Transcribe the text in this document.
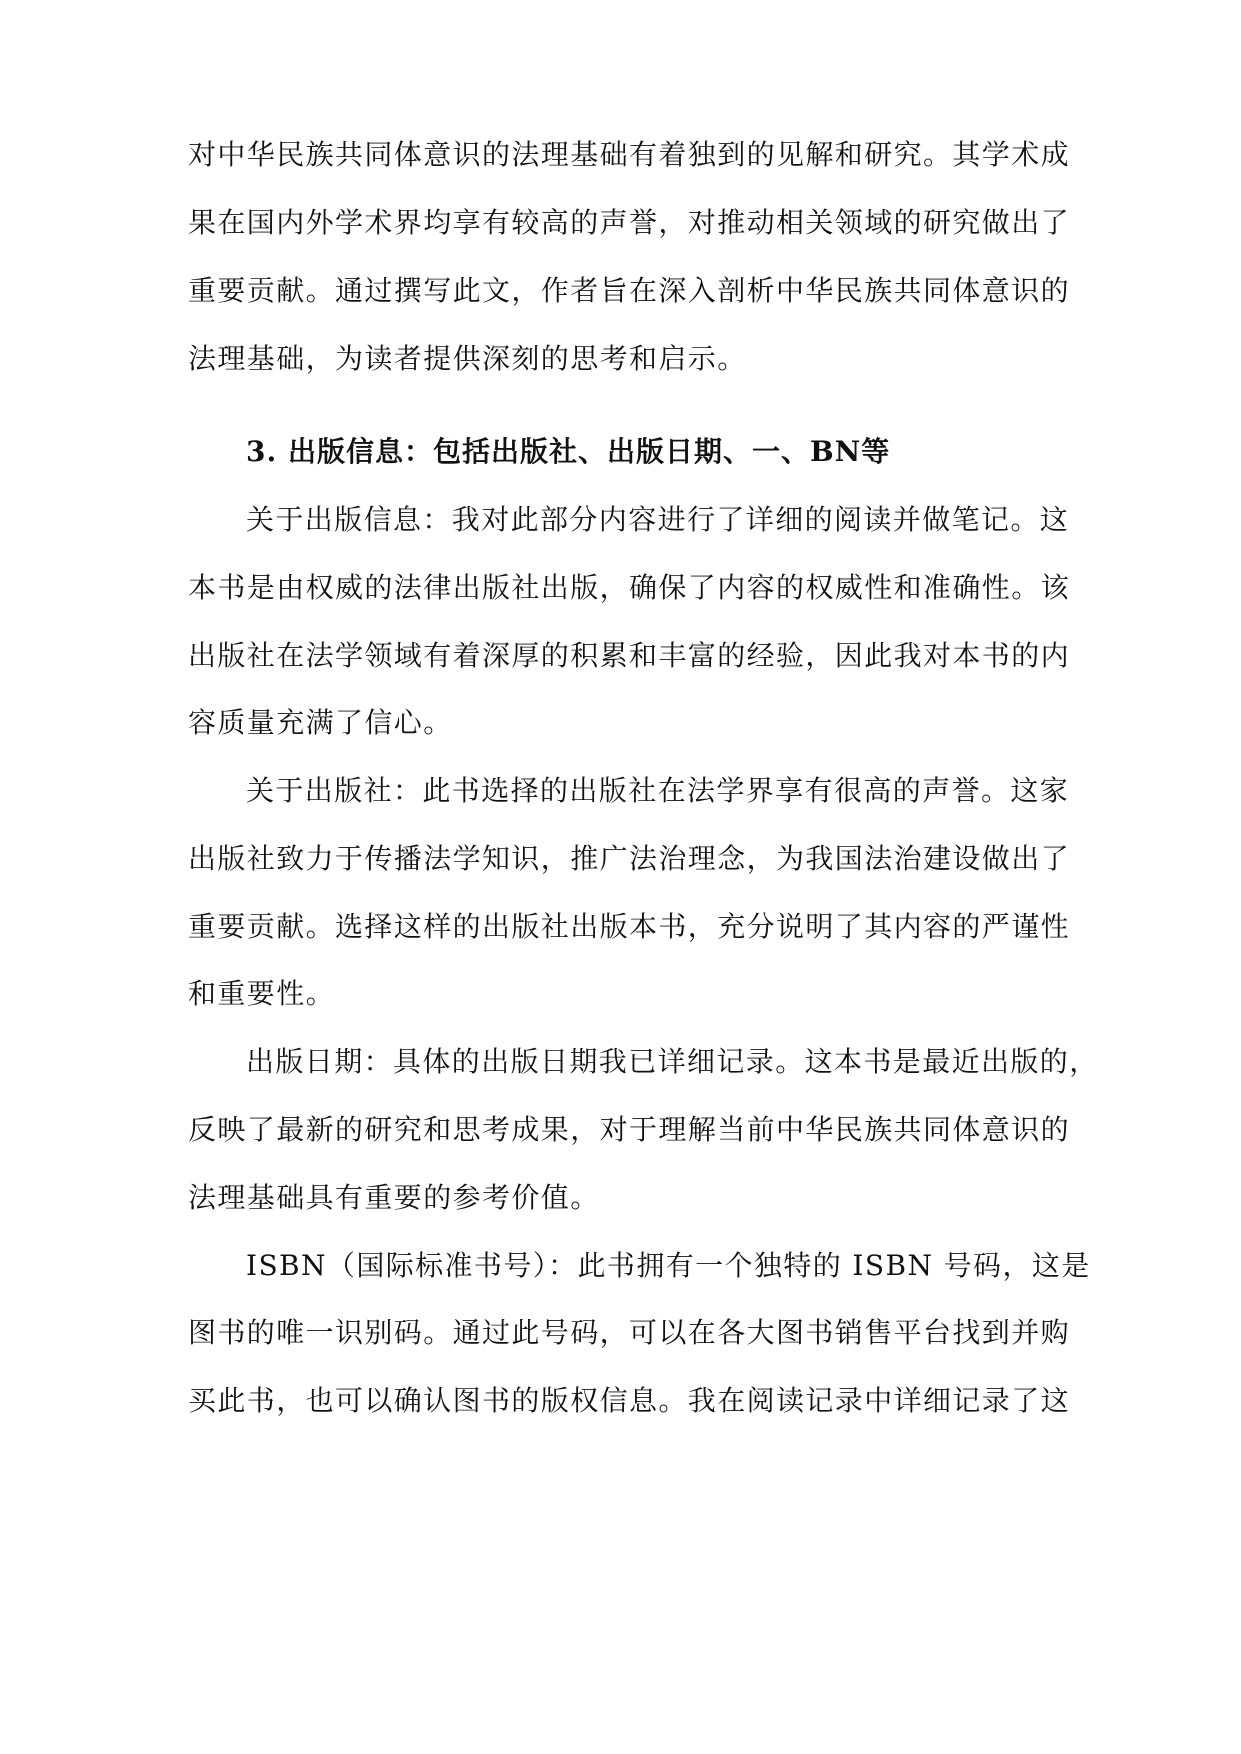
对中华民族共同体意识的法理基础有着独到的见解和研究。其学术成
果在国内外学术界均享有较高的声誉，对推动相关领域的研究做出了
重要贡献。通过撰写此文，作者旨在深入剖析中华民族共同体意识的
法理基础，为读者提供深刻的思考和启示。
3. 出版信息：包括出版社、出版日期、一、BN等
关于出版信息：我对此部分内容进行了详细的阅读并做笔记。这
本书是由权威的法律出版社出版，确保了内容的权威性和准确性。该
出版社在法学领域有着深厚的积累和丰富的经验，因此我对本书的内
容质量充满了信心。
关于出版社：此书选择的出版社在法学界享有很高的声誉。这家
出版社致力于传播法学知识，推广法治理念，为我国法治建设做出了
重要贡献。选择这样的出版社出版本书，充分说明了其内容的严谨性
和重要性。
出版日期：具体的出版日期我已详细记录。这本书是最近出版的，
反映了最新的研究和思考成果，对于理解当前中华民族共同体意识的
法理基础具有重要的参考价值。
ISBN（国际标准书号）：此书拥有一个独特的 ISBN 号码，这是
图书的唯一识别码。通过此号码，可以在各大图书销售平台找到并购
买此书，也可以确认图书的版权信息。我在阅读记录中详细记录了这
